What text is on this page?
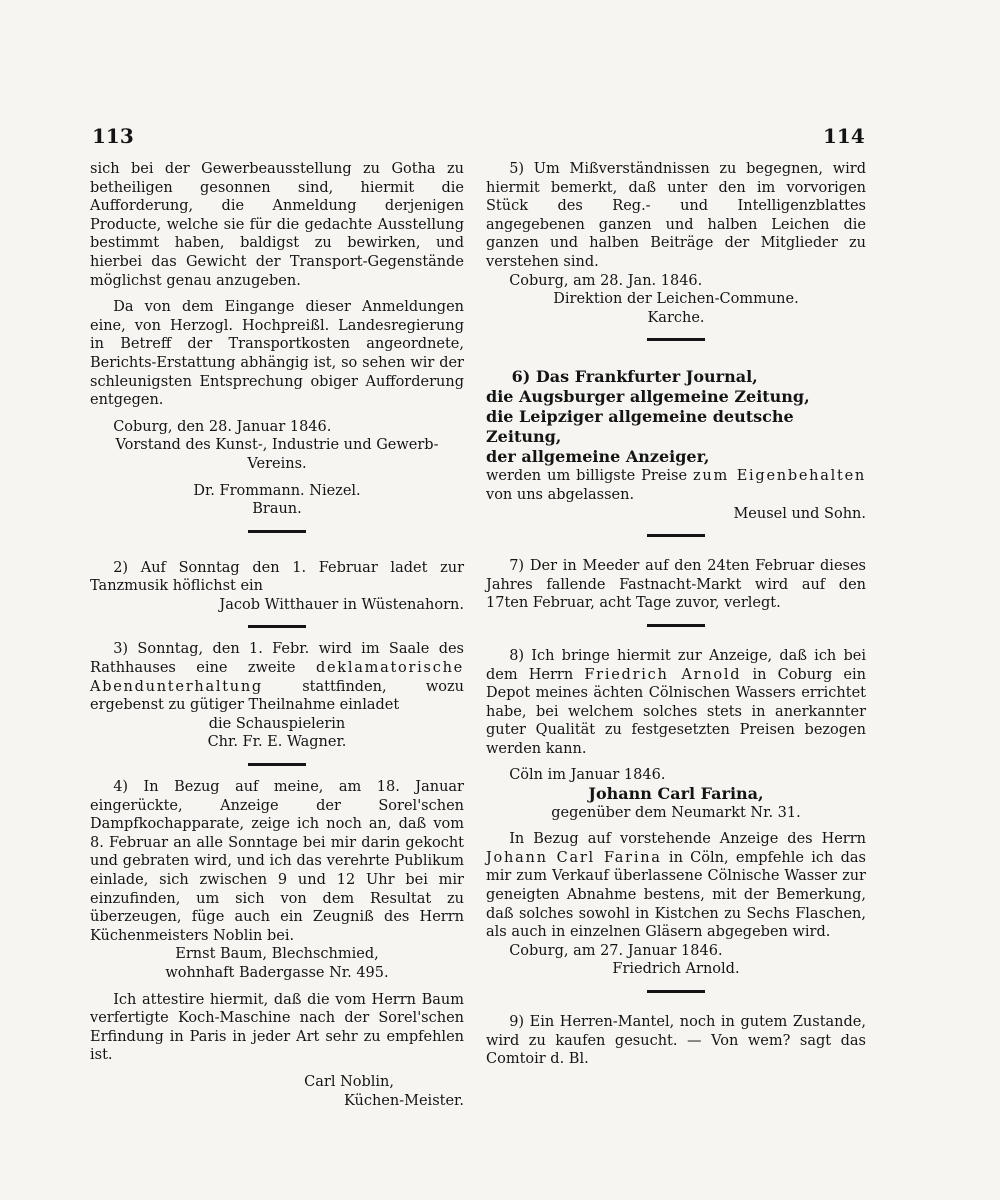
113	114

sich bei der Gewerbeausstellung zu Gotha zu betheiligen gesonnen sind, hiermit die Aufforderung, die Anmeldung derjenigen Producte, welche sie für die gedachte Ausstellung bestimmt haben, baldigst zu bewirken, und hierbei das Gewicht der Transport-Gegenstände möglichst genau anzugeben.

Da von dem Eingange dieser Anmeldungen eine, von Herzogl. Hochpreißl. Landesregierung in Betreff der Transportkosten angeordnete, Berichts-Erstattung abhängig ist, so sehen wir der schleunigsten Entsprechung obiger Aufforderung entgegen.

Coburg, den 28. Januar 1846.

Vorstand des Kunst-, Industrie und Gewerb-Vereins.

Dr. Frommann. Niezel.

Braun.

2) Auf Sonntag den 1. Februar ladet zur Tanzmusik höflichst ein

Jacob Witthauer in Wüstenahorn.

3) Sonntag, den 1. Febr. wird im Saale des Rathhauses eine zweite deklamatorische Abendunterhaltung stattfinden, wozu ergebenst zu gütiger Theilnahme einladet

die Schauspielerin

Chr. Fr. E. Wagner.

4) In Bezug auf meine, am 18. Januar eingerückte, Anzeige der Sorel'schen Dampfkochapparate, zeige ich noch an, daß vom 8. Februar an alle Sonntage bei mir darin gekocht und gebraten wird, und ich das verehrte Publikum einlade, sich zwischen 9 und 12 Uhr bei mir einzufinden, um sich von dem Resultat zu überzeugen, füge auch ein Zeugniß des Herrn Küchenmeisters Noblin bei.

Ernst Baum, Blechschmied,

wohnhaft Badergasse Nr. 495.

Ich attestire hiermit, daß die vom Herrn Baum verfertigte Koch-Maschine nach der Sorel'schen Erfindung in Paris in jeder Art sehr zu empfehlen ist.

Carl Noblin,

Küchen-Meister.

5) Um Mißverständnissen zu begegnen, wird hiermit bemerkt, daß unter den im vorvorigen Stück des Reg.- und Intelligenzblattes angegebenen ganzen und halben Leichen die ganzen und halben Beiträge der Mitglieder zu verstehen sind.

Coburg, am 28. Jan. 1846.

Direktion der Leichen-Commune.

Karche.

6) Das Frankfurter Journal,

die Augsburger allgemeine Zeitung,

die Leipziger allgemeine deutsche Zeitung,

der allgemeine Anzeiger,

werden um billigste Preise zum Eigenbehalten von uns abgelassen.

Meusel und Sohn.

7) Der in Meeder auf den 24ten Februar dieses Jahres fallende Fastnacht-Markt wird auf den 17ten Februar, acht Tage zuvor, verlegt.

8) Ich bringe hiermit zur Anzeige, daß ich bei dem Herrn Friedrich Arnold in Coburg ein Depot meines ächten Cölnischen Wassers errichtet habe, bei welchem solches stets in anerkannter guter Qualität zu festgesetzten Preisen bezogen werden kann.

Cöln im Januar 1846.

Johann Carl Farina,

gegenüber dem Neumarkt Nr. 31.

In Bezug auf vorstehende Anzeige des Herrn Johann Carl Farina in Cöln, empfehle ich das mir zum Verkauf überlassene Cölnische Wasser zur geneigten Abnahme bestens, mit der Bemerkung, daß solches sowohl in Kistchen zu Sechs Flaschen, als auch in einzelnen Gläsern abgegeben wird.

Coburg, am 27. Januar 1846.

Friedrich Arnold.

9) Ein Herren-Mantel, noch in gutem Zustande, wird zu kaufen gesucht. — Von wem? sagt das Comtoir d. Bl.
